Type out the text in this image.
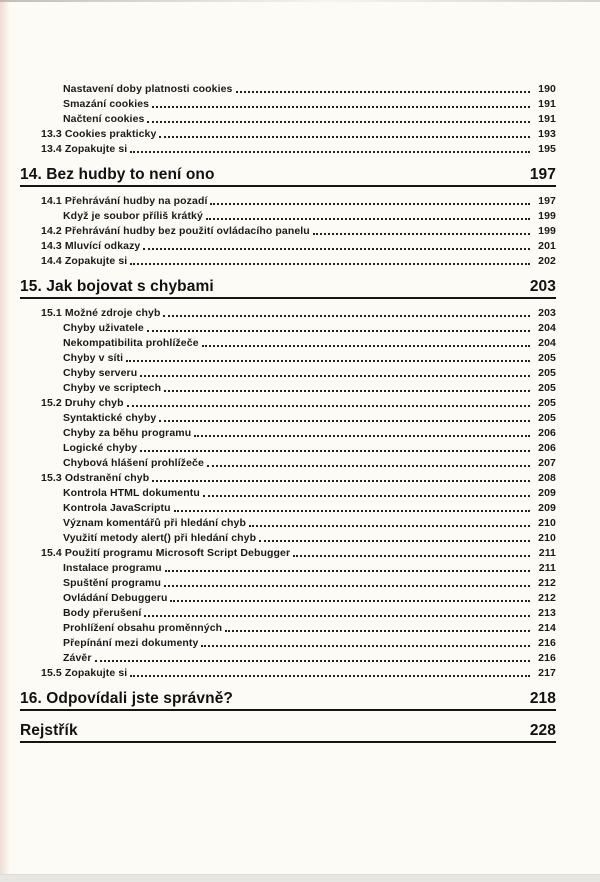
Nastavení doby platnosti cookies	190
Smazání cookies	191
Načtení cookies	191
13.3 Cookies prakticky	193
13.4 Zopakujte si	195
14. Bez hudby to není ono	197
14.1 Přehrávání hudby na pozadí	197
Když je soubor příliš krátký	199
14.2 Přehrávání hudby bez použití ovládacího panelu	199
14.3 Mluvící odkazy	201
14.4 Zopakujte si	202
15. Jak bojovat s chybami	203
15.1 Možné zdroje chyb	203
Chyby uživatele	204
Nekompatibilita prohlížeče	204
Chyby v síti	205
Chyby serveru	205
Chyby ve scriptech	205
15.2 Druhy chyb	205
Syntaktické chyby	205
Chyby za běhu programu	206
Logické chyby	206
Chybová hlášení prohlížeče	207
15.3 Odstranění chyb	208
Kontrola HTML dokumentu	209
Kontrola JavaScriptu	209
Význam komentářů při hledání chyb	210
Využití metody alert() při hledání chyb	210
15.4 Použití programu Microsoft Script Debugger	211
Instalace programu	211
Spuštění programu	212
Ovládání Debuggeru	212
Body přerušení	213
Prohlížení obsahu proměnných	214
Přepínání mezi dokumenty	216
Závěr	216
15.5 Zopakujte si	217
16. Odpovídali jste správně?	218
Rejstřík	228
